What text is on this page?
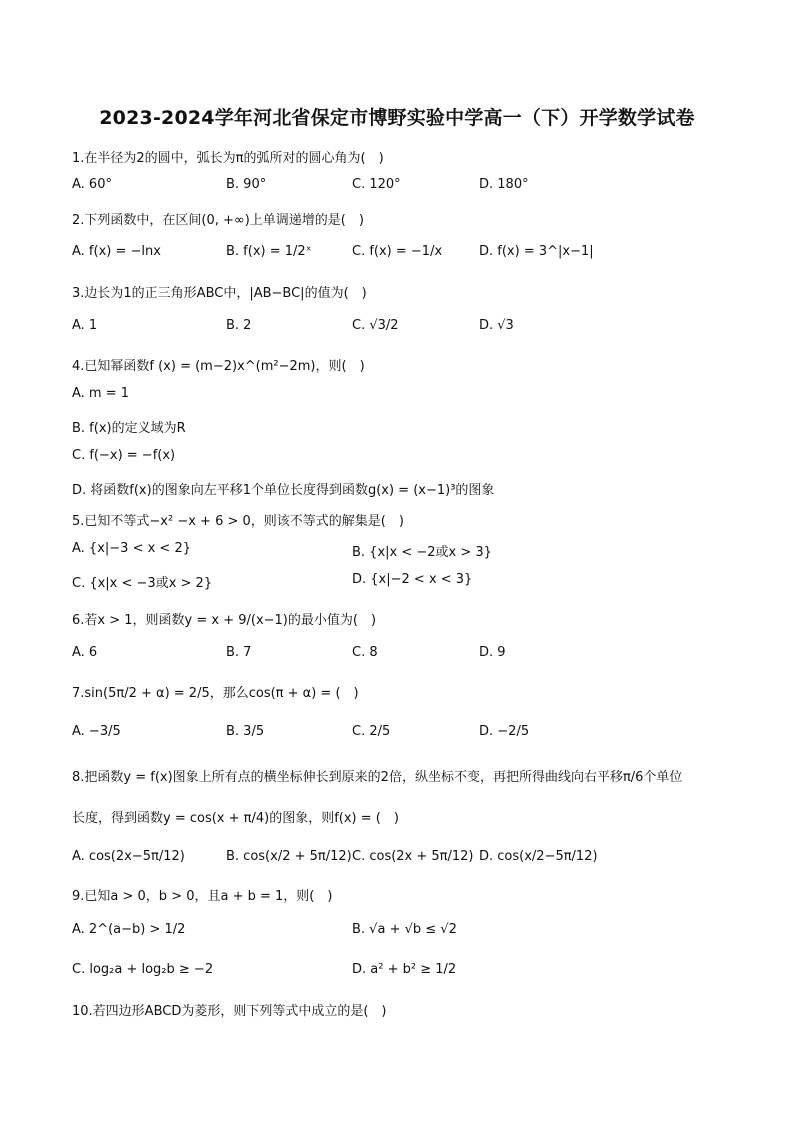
2023-2024学年河北省保定市博野实验中学高一（下）开学数学试卷
1.在半径为2的圆中，弧长为π的弧所对的圆心角为(　)
A. 60°	B. 90°	C. 120°	D. 180°
2.下列函数中，在区间(0, +∞)上单调递增的是(　)
A. f(x) = −lnx	B. f(x) = 1/2ˣ	C. f(x) = −1/x	D. f(x) = 3^|x−1|
3.边长为1的正三角形ABC中，|AB−BC|的值为(　)
A. 1	B. 2	C. √3/2	D. √3
4.已知幂函数f (x) = (m−2)x^(m²−2m)，则(　)
A. m = 1
B. f(x)的定义域为R
C. f(−x) = −f(x)
D. 将函数f(x)的图象向左平移1个单位长度得到函数g(x) = (x−1)³的图象
5.已知不等式−x² −x + 6 > 0，则该不等式的解集是(　)
A. {x|−3 < x < 2}	B. {x|x < −2或x > 3}
C. {x|x < −3或x > 2}	D. {x|−2 < x < 3}
6.若x > 1，则函数y = x + 9/(x−1)的最小值为(　)
A. 6	B. 7	C. 8	D. 9
7.sin(5π/2 + α) = 2/5，那么cos(π + α) = (　)
A. −3/5	B. 3/5	C. 2/5	D. −2/5
8.把函数y = f(x)图象上所有点的横坐标伸长到原来的2倍，纵坐标不变，再把所得曲线向右平移π/6个单位
长度，得到函数y = cos(x + π/4)的图象，则f(x) = (　)
A. cos(2x−5π/12)	B. cos(x/2 + 5π/12) C. cos(2x + 5π/12) D. cos(x/2−5π/12)
9.已知a > 0，b > 0，且a + b = 1，则(　)
A. 2^(a−b) > 1/2	B. √a + √b ≤ √2
C. log₂a + log₂b ≥ −2	D. a² + b² ≥ 1/2
10.若四边形ABCD为菱形，则下列等式中成立的是(　)
